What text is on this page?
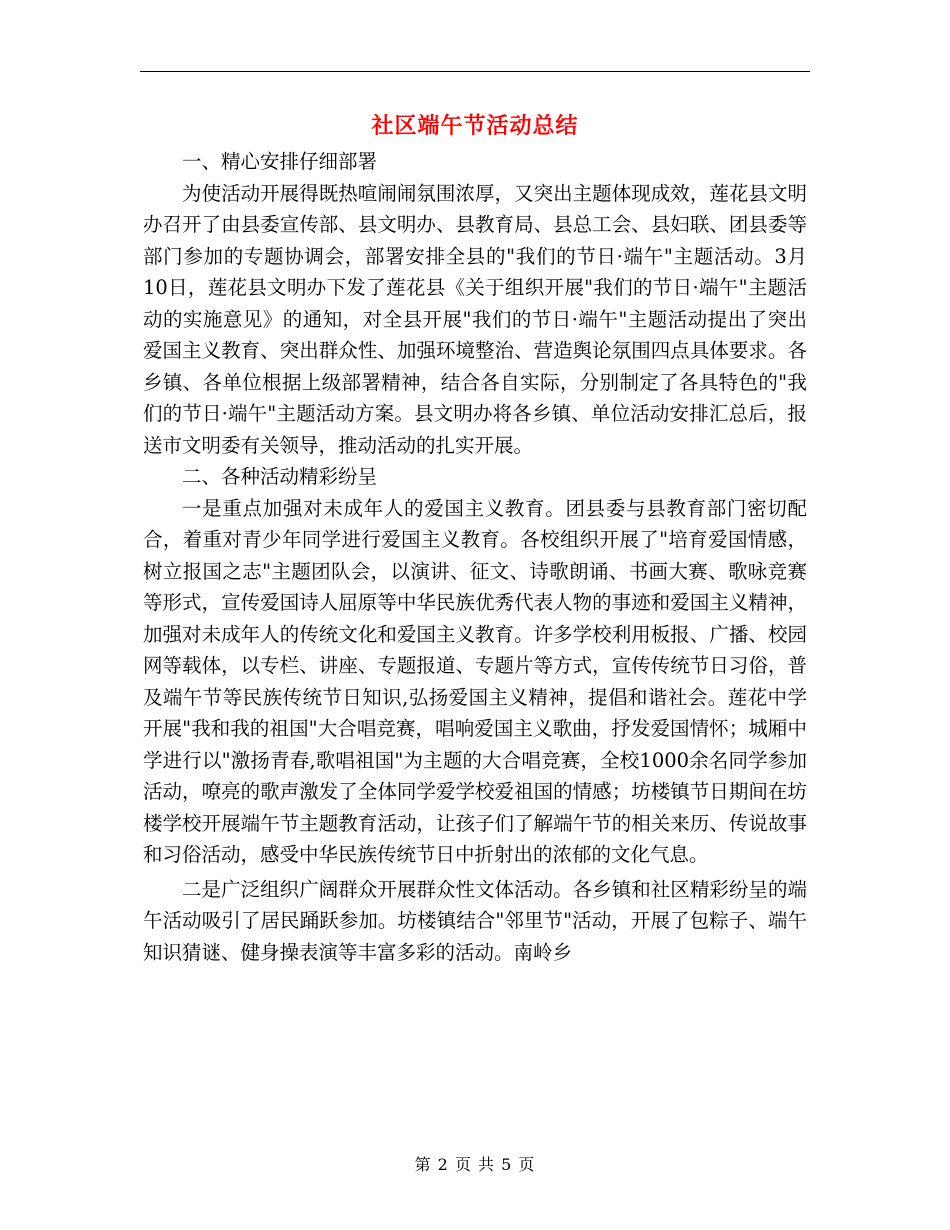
社区端午节活动总结

一、精心安排仔细部署

为使活动开展得既热喧闹闹氛围浓厚，又突出主题体现成效，莲花县文明办召开了由县委宣传部、县文明办、县教育局、县总工会、县妇联、团县委等部门参加的专题协调会，部署安排全县的"我们的节日·端午"主题活动。3月10日，莲花县文明办下发了莲花县《关于组织开展"我们的节日·端午"主题活动的实施意见》的通知，对全县开展"我们的节日·端午"主题活动提出了突出爱国主义教育、突出群众性、加强环境整治、营造舆论氛围四点具体要求。各乡镇、各单位根据上级部署精神，结合各自实际，分别制定了各具特色的"我们的节日·端午"主题活动方案。县文明办将各乡镇、单位活动安排汇总后，报送市文明委有关领导，推动活动的扎实开展。

二、各种活动精彩纷呈

一是重点加强对未成年人的爱国主义教育。团县委与县教育部门密切配合，着重对青少年同学进行爱国主义教育。各校组织开展了"培育爱国情感，树立报国之志"主题团队会，以演讲、征文、诗歌朗诵、书画大赛、歌咏竞赛等形式，宣传爱国诗人屈原等中华民族优秀代表人物的事迹和爱国主义精神，加强对未成年人的传统文化和爱国主义教育。许多学校利用板报、广播、校园网等载体，以专栏、讲座、专题报道、专题片等方式，宣传传统节日习俗，普及端午节等民族传统节日知识,弘扬爱国主义精神，提倡和谐社会。莲花中学开展"我和我的祖国"大合唱竞赛，唱响爱国主义歌曲，抒发爱国情怀；城厢中学进行以"激扬青春,歌唱祖国"为主题的大合唱竞赛，全校1000余名同学参加活动，嘹亮的歌声激发了全体同学爱学校爱祖国的情感；坊楼镇节日期间在坊楼学校开展端午节主题教育活动，让孩子们了解端午节的相关来历、传说故事和习俗活动，感受中华民族传统节日中折射出的浓郁的文化气息。

二是广泛组织广阔群众开展群众性文体活动。各乡镇和社区精彩纷呈的端午活动吸引了居民踊跃参加。坊楼镇结合"邻里节"活动，开展了包粽子、端午知识猜谜、健身操表演等丰富多彩的活动。南岭乡

第 2 页 共 5 页
